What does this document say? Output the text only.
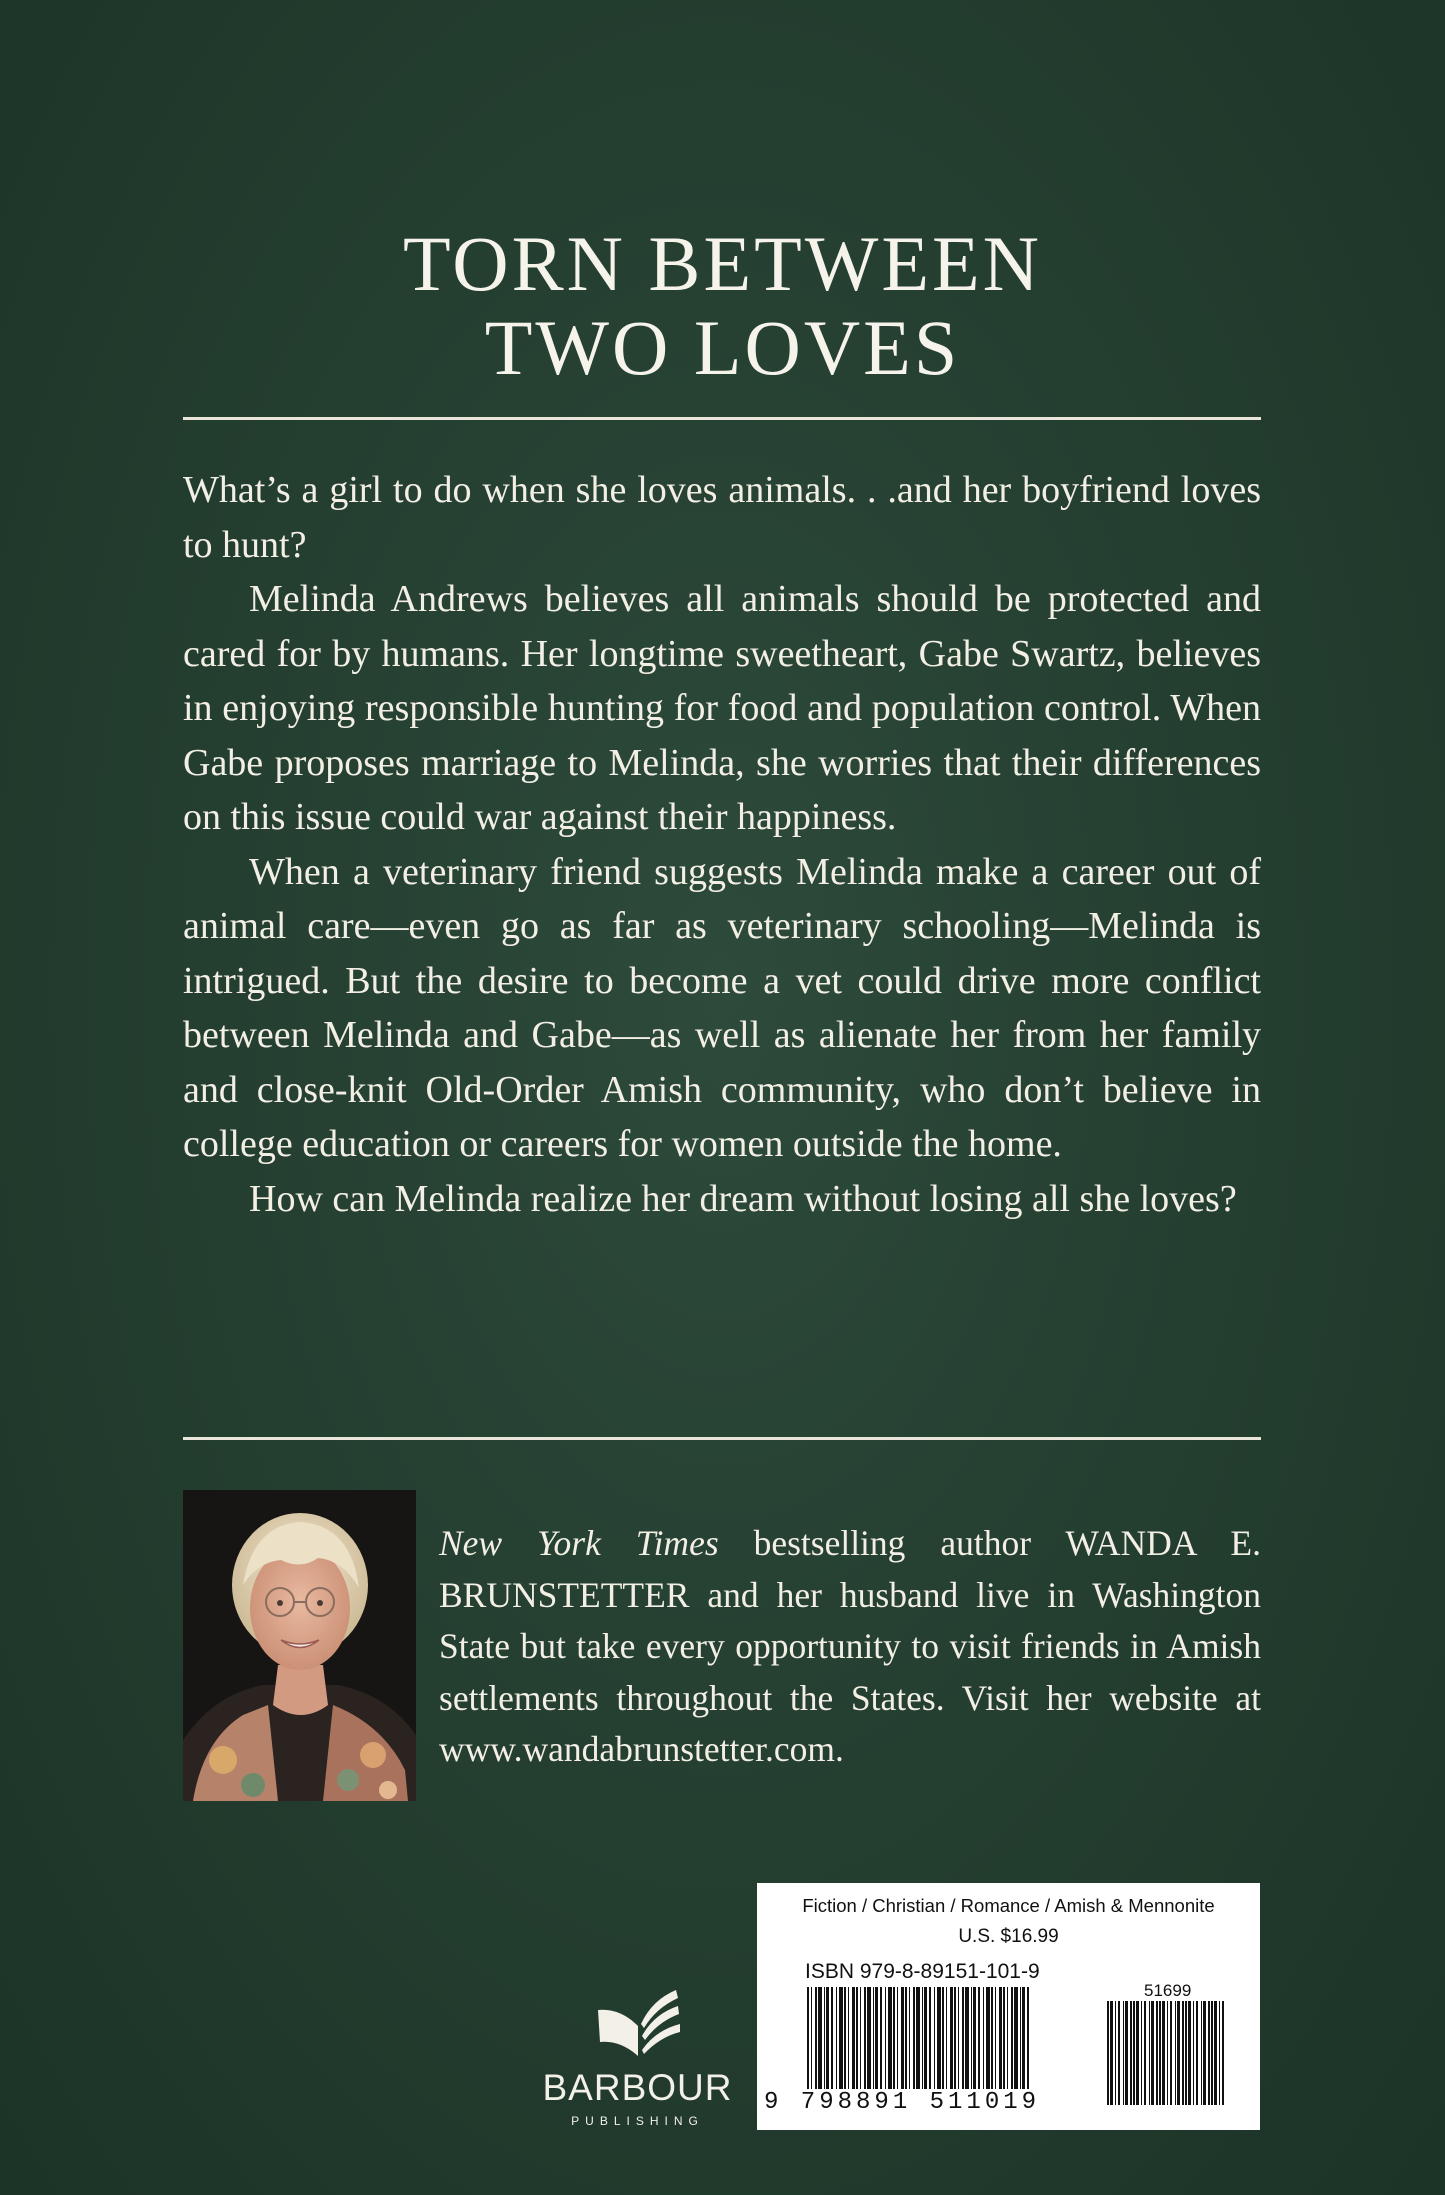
TORN BETWEEN
TWO LOVES

What’s a girl to do when she loves animals. . .and her boyfriend loves to hunt?

Melinda Andrews believes all animals should be protected and cared for by humans. Her longtime sweetheart, Gabe Swartz, believes in enjoying responsible hunting for food and population control. When Gabe proposes marriage to Melinda, she worries that their differences on this issue could war against their happiness.

When a veterinary friend suggests Melinda make a career out of animal care—even go as far as veterinary schooling—Melinda is intrigued. But the desire to become a vet could drive more conflict between Melinda and Gabe—as well as alienate her from her family and close-knit Old-Order Amish community, who don’t believe in college education or careers for women outside the home.

How can Melinda realize her dream without losing all she loves?

New York Times bestselling author WANDA E. BRUNSTETTER and her husband live in Washington State but take every opportunity to visit friends in Amish settlements throughout the States. Visit her website at www.wandabrunstetter.com.
BARBOUR
PUBLISHING
Fiction / Christian / Romance / Amish & Mennonite
U.S. $16.99
ISBN 979-8-89151-101-9
51699
9 798891 511019
